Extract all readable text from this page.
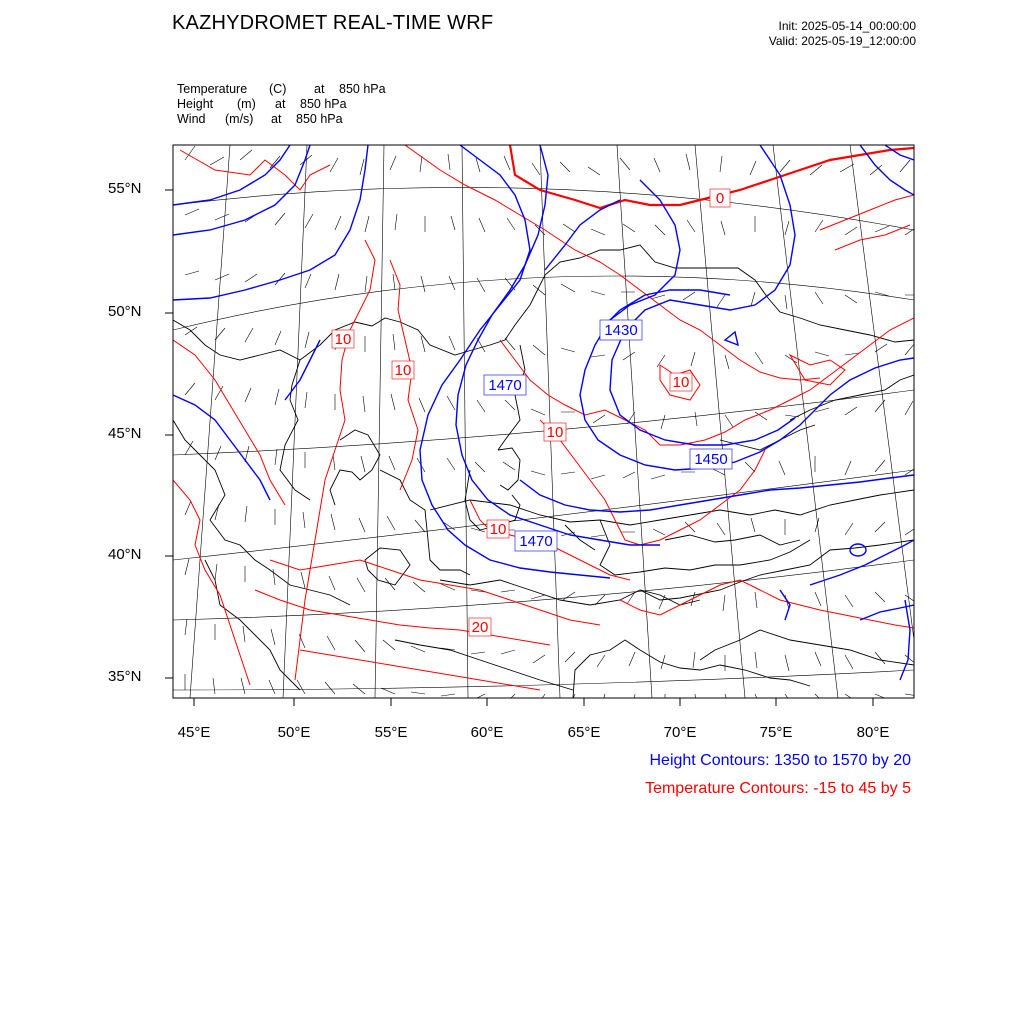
KAZHYDROMET REAL-TIME WRF	Init: 2025-05-14_00:00:00
Valid: 2025-05-19_12:00:00
Temperature (C) at 850 hPa
Height (m) at 850 hPa
Wind (m/s) at 850 hPa
1430
1470
1450
1470
0
10
10
10
10
10
20
55°N
50°N
45°N
40°N
35°N
45°E	50°E	55°E	60°E	65°E	70°E	75°E	80°E
Height Contours: 1350 to 1570 by 20
Temperature Contours: -15 to 45 by 5
